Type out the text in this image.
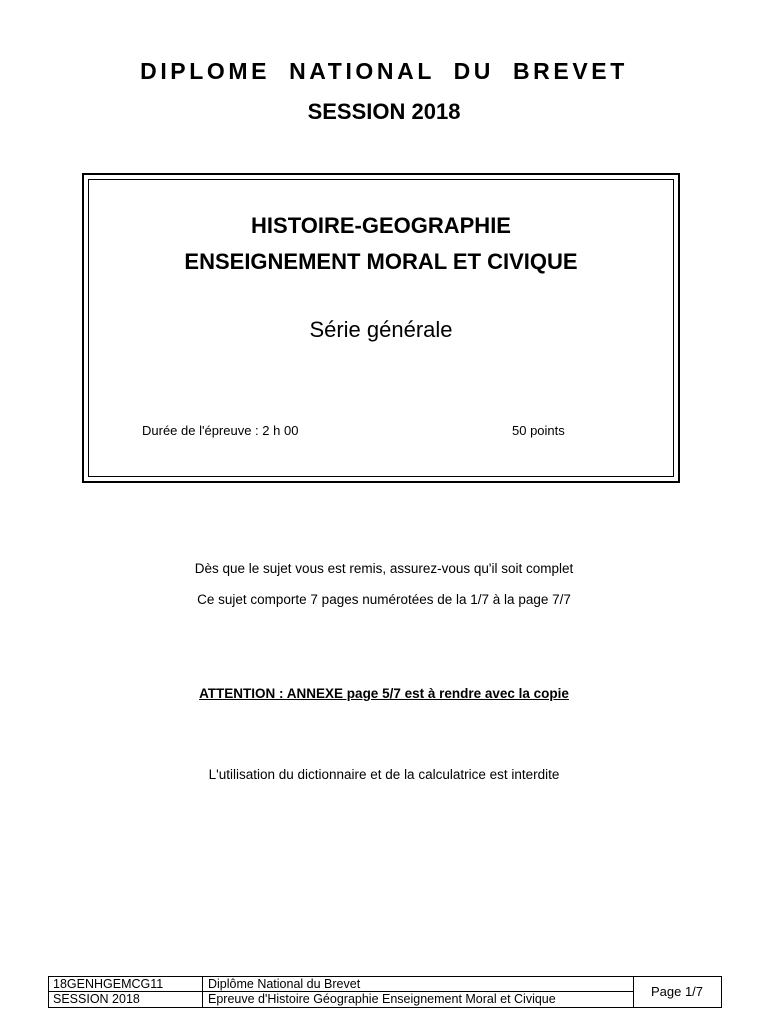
DIPLOME NATIONAL DU BREVET
SESSION 2018
HISTOIRE-GEOGRAPHIE
ENSEIGNEMENT MORAL ET CIVIQUE
Série générale
Durée de l'épreuve : 2 h 00	50 points
Dès que le sujet vous est remis, assurez-vous qu'il soit complet
Ce sujet comporte 7 pages numérotées de la 1/7 à la page 7/7
ATTENTION : ANNEXE page 5/7 est à rendre avec la copie
L'utilisation du dictionnaire et de la calculatrice est interdite
18GENHGEMCG11
SESSION 2018
Diplôme National du Brevet
Epreuve d'Histoire Géographie Enseignement Moral et Civique	Page 1/7
